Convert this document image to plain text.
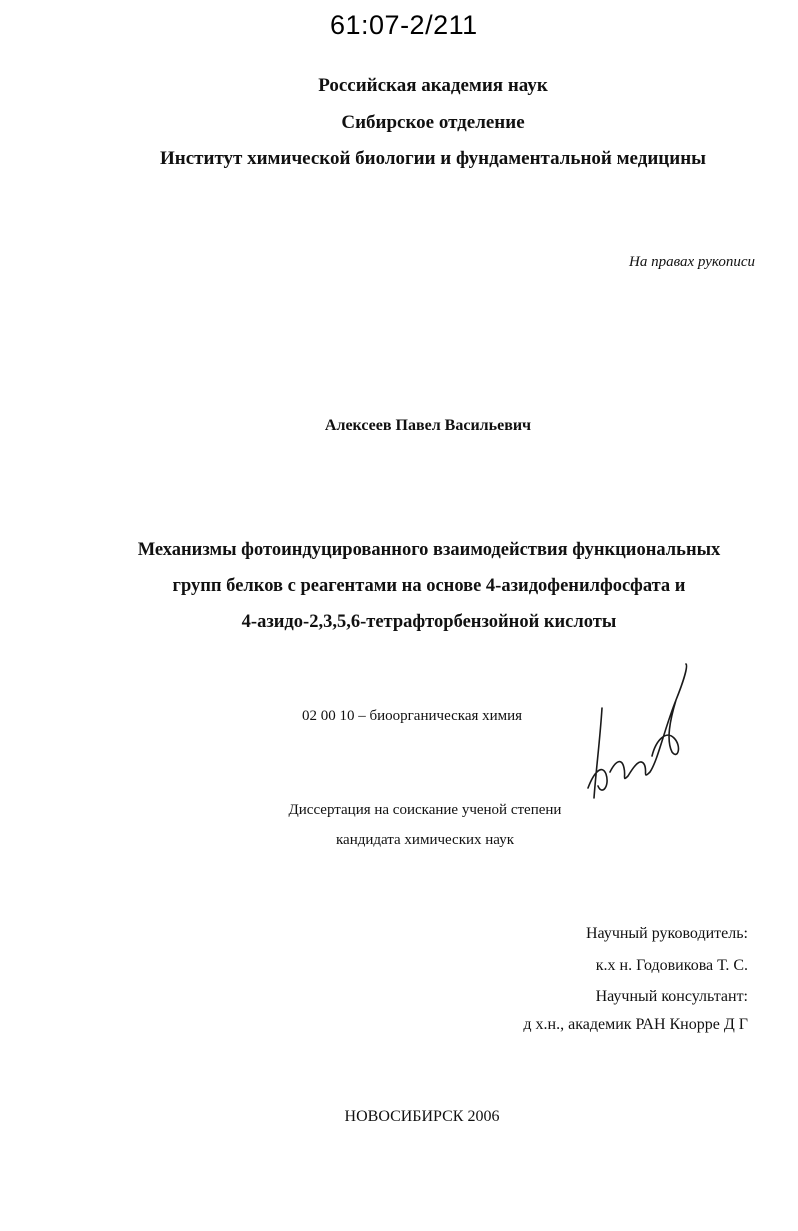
61:07-2/211
Российская академия наук
Сибирское отделение
Институт химической биологии и фундаментальной медицины
На правах рукописи
Алексеев Павел Васильевич
Механизмы фотоиндуцированного взаимодействия функциональных
групп белков с реагентами на основе 4-азидофенилфосфата и
4-азидо-2,3,5,6-тетрафторбензойной кислоты
02 00 10 – биоорганическая химия
Диссертация на соискание ученой степени
кандидата химических наук
Научный руководитель:
к.х н. Годовикова Т. С.
Научный консультант:
д х.н., академик РАН Кнорре Д Г
НОВОСИБИРСК 2006
